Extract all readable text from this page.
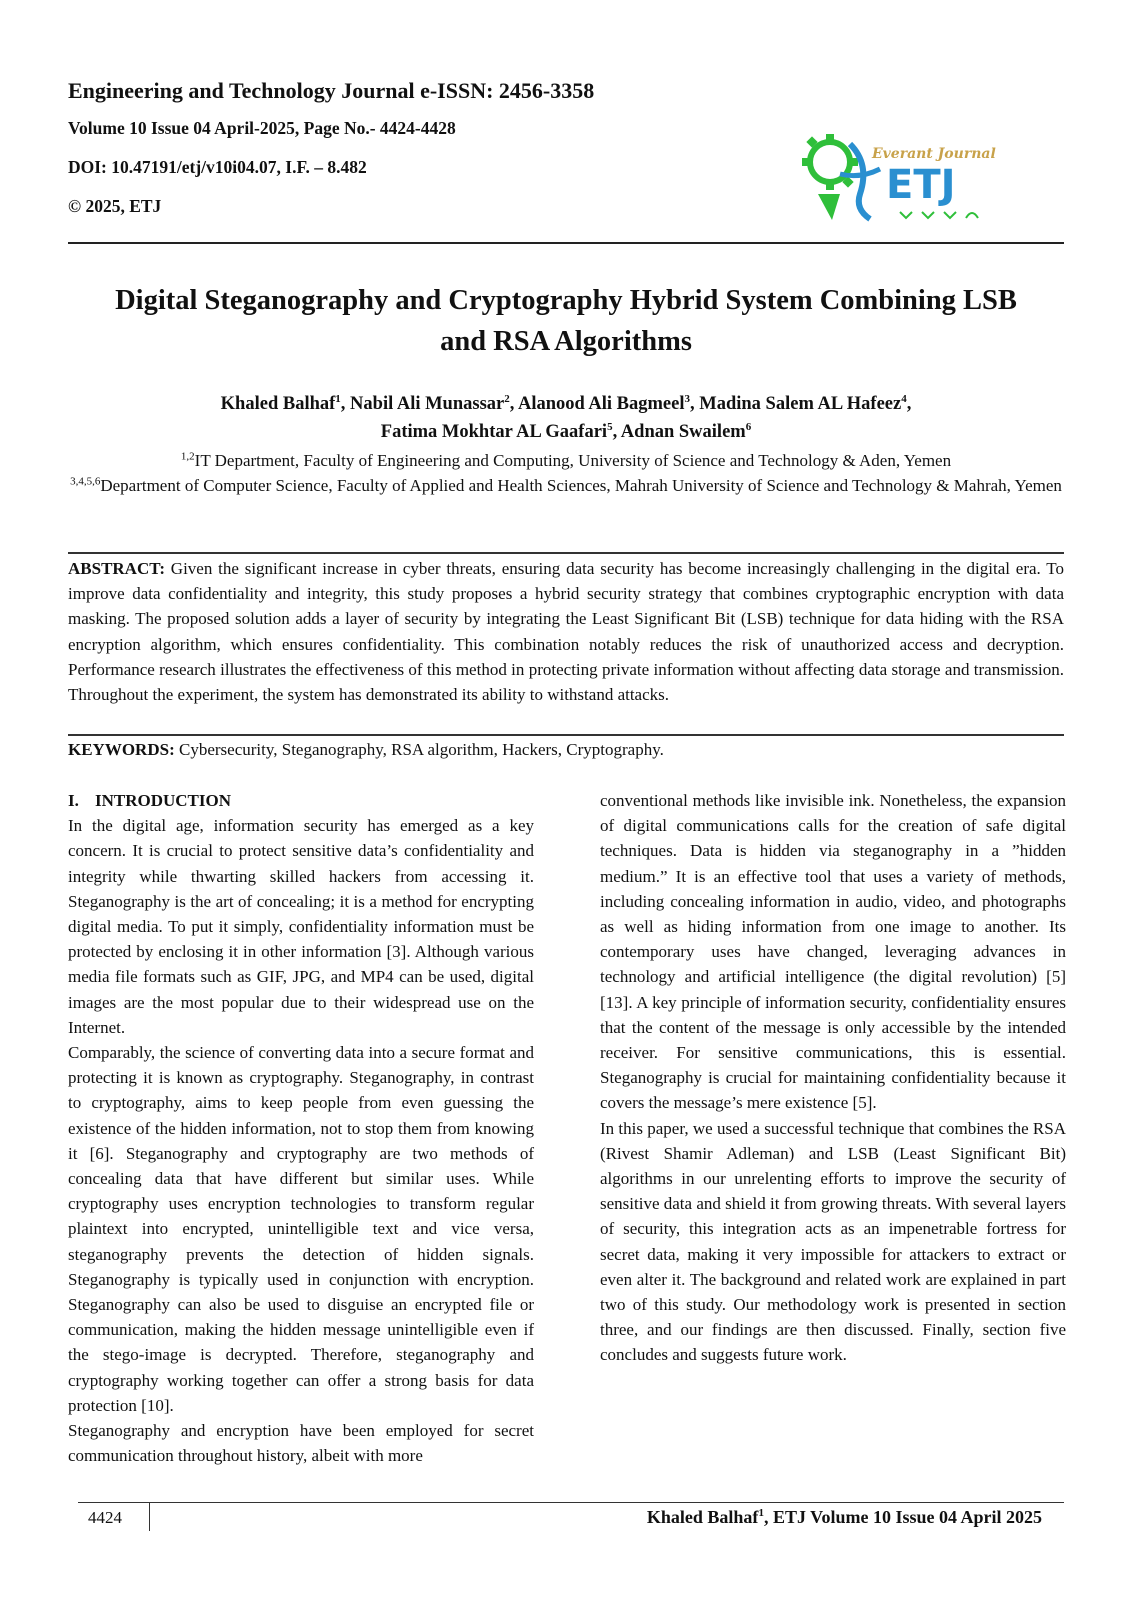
Engineering and Technology Journal e-ISSN: 2456-3358
Volume 10 Issue 04 April-2025, Page No.- 4424-4428
DOI: 10.47191/etj/v10i04.07, I.F. – 8.482
© 2025, ETJ
Everant Journal
ETJ
Digital Steganography and Cryptography Hybrid System Combining LSB
and RSA Algorithms
Khaled Balhaf$^1$, Nabil Ali Munassar$^2$, Alanood Ali Bagmeel$^3$, Madina Salem AL Hafeez$^4$,
Fatima Mokhtar AL Gaafari$^5$, Adnan Swailem$^6$
$^{1,2}$IT Department, Faculty of Engineering and Computing, University of Science and Technology & Aden, Yemen
$^{3,4,5,6}$Department of Computer Science, Faculty of Applied and Health Sciences, Mahrah University of Science and Technology & Mahrah, Yemen

ABSTRACT: Given the significant increase in cyber threats, ensuring data security has become increasingly challenging in the digital era. To improve data confidentiality and integrity, this study proposes a hybrid security strategy that combines cryptographic encryption with data masking. The proposed solution adds a layer of security by integrating the Least Significant Bit (LSB) technique for data hiding with the RSA encryption algorithm, which ensures confidentiality. This combination notably reduces the risk of unauthorized access and decryption. Performance research illustrates the effectiveness of this method in protecting private information without affecting data storage and transmission. Throughout the experiment, the system has demonstrated its ability to withstand attacks.

KEYWORDS: Cybersecurity, Steganography, RSA algorithm, Hackers, Cryptography.

I. INTRODUCTION

In the digital age, information security has emerged as a key concern. It is crucial to protect sensitive data’s confidentiality and integrity while thwarting skilled hackers from accessing it. Steganography is the art of concealing; it is a method for encrypting digital media. To put it simply, confidentiality information must be protected by enclosing it in other information [3]. Although various media file formats such as GIF, JPG, and MP4 can be used, digital images are the most popular due to their widespread use on the Internet.

Comparably, the science of converting data into a secure format and protecting it is known as cryptography. Steganography, in contrast to cryptography, aims to keep people from even guessing the existence of the hidden information, not to stop them from knowing it [6]. Steganography and cryptography are two methods of concealing data that have different but similar uses. While cryptography uses encryption technologies to transform regular plaintext into encrypted, unintelligible text and vice versa, steganography prevents the detection of hidden signals. Steganography is typically used in conjunction with encryption. Steganography can also be used to disguise an encrypted file or communication, making the hidden message unintelligible even if the stego-image is decrypted. Therefore, steganography and cryptography working together can offer a strong basis for data protection [10].

Steganography and encryption have been employed for secret communication throughout history, albeit with more

conventional methods like invisible ink. Nonetheless, the expansion of digital communications calls for the creation of safe digital techniques. Data is hidden via steganography in a ”hidden medium.” It is an effective tool that uses a variety of methods, including concealing information in audio, video, and photographs as well as hiding information from one image to another. Its contemporary uses have changed, leveraging advances in technology and artificial intelligence (the digital revolution) [5] [13]. A key principle of information security, confidentiality ensures that the content of the message is only accessible by the intended receiver. For sensitive communications, this is essential. Steganography is crucial for maintaining confidentiality because it covers the message’s mere existence [5].

In this paper, we used a successful technique that combines the RSA (Rivest Shamir Adleman) and LSB (Least Significant Bit) algorithms in our unrelenting efforts to improve the security of sensitive data and shield it from growing threats. With several layers of security, this integration acts as an impenetrable fortress for secret data, making it very impossible for attackers to extract or even alter it. The background and related work are explained in part two of this study. Our methodology work is presented in section three, and our findings are then discussed. Finally, section five concludes and suggests future work.

4424	Khaled Balhaf$^1$, ETJ Volume 10 Issue 04 April 2025
